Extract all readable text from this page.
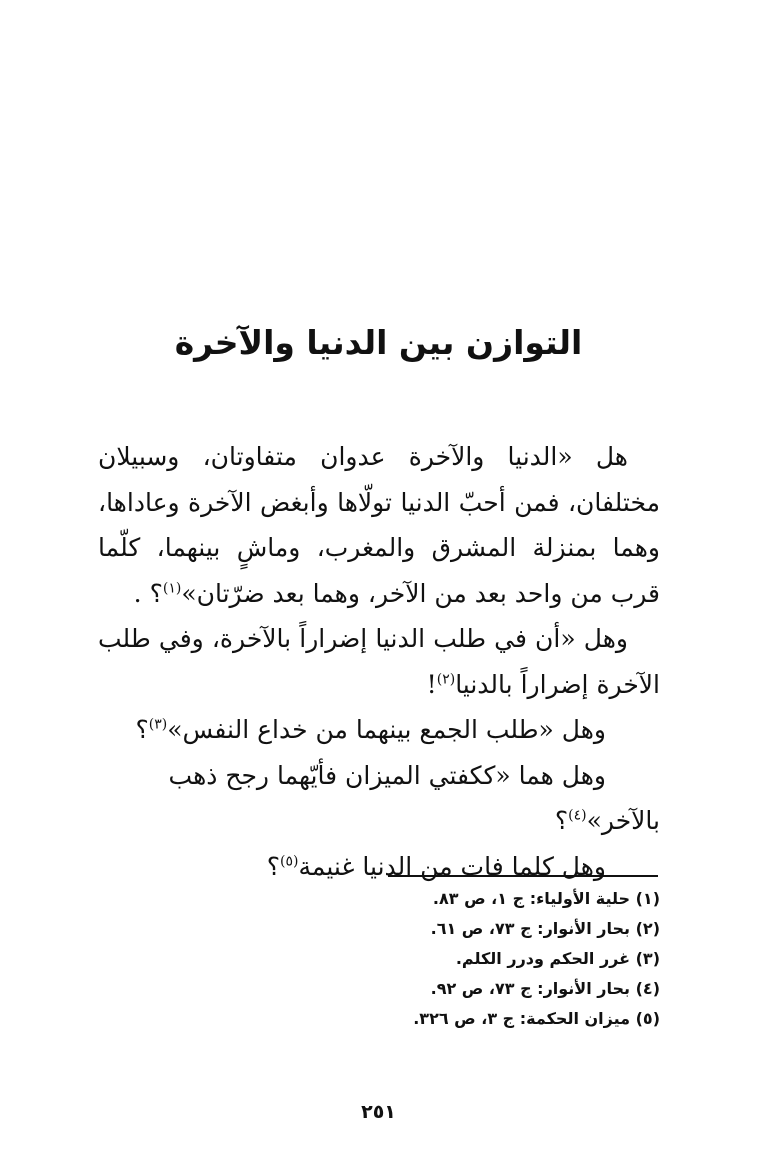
التوازن بين الدنيا والآخرة

هل «الدنيا والآخرة عدوان متفاوتان، وسبيلان مختلفان، فمن أحبّ الدنيا تولّاها وأبغض الآخرة وعاداها، وهما بمنزلة المشرق والمغرب، وماشٍ بينهما، كلّما قرب من واحد بعد من الآخر، وهما بعد ضرّتان»$^{(١)}$؟ .

وهل «أن في طلب الدنيا إضراراً بالآخرة، وفي طلب الآخرة إضراراً بالدنيا$^{(٢)}$!

وهل «طلب الجمع بينهما من خداع النفس»$^{(٣)}$؟

وهل هما «ككفتي الميزان فأيّهما رجح ذهب بالآخر»$^{(٤)}$؟

وهل كلما فات من الدنيا غنيمة$^{(٥)}$؟

(١) حلية الأولياء: ج ١، ص ٨٣.
(٢) بحار الأنوار: ج ٧٣، ص ٦١.
(٣) غرر الحكم ودرر الكلم.
(٤) بحار الأنوار: ج ٧٣، ص ٩٢.
(٥) ميزان الحكمة: ج ٣، ص ٣٢٦.
٢٥١
